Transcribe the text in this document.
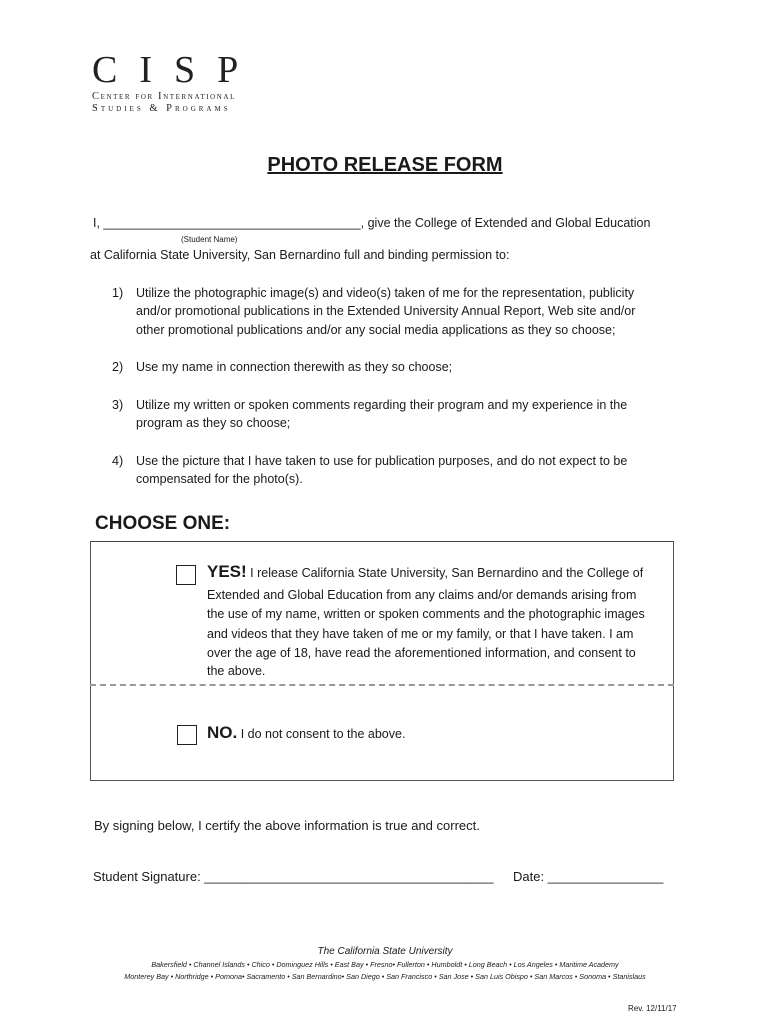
CISP
Center for International
Studies & Programs
PHOTO RELEASE FORM
I, _____________________________________, give the College of Extended and Global Education
(Student Name)
at California State University, San Bernardino full and binding permission to:
1) Utilize the photographic image(s) and video(s) taken of me for the representation, publicity
and/or promotional publications in the Extended University Annual Report, Web site and/or
other promotional publications and/or any social media applications as they so choose;
2) Use my name in connection therewith as they so choose;
3) Utilize my written or spoken comments regarding their program and my experience in the
program as they so choose;
4) Use the picture that I have taken to use for publication purposes, and do not expect to be
compensated for the photo(s).
CHOOSE ONE:
YES! I release California State University, San Bernardino and the College of
Extended and Global Education from any claims and/or demands arising from
the use of my name, written or spoken comments and the photographic images
and videos that they have taken of me or my family, or that I have taken. I am
over the age of 18, have read the aforementioned information, and consent to
the above.
NO. I do not consent to the above.
By signing below, I certify the above information is true and correct.
Student Signature: ________________________________________ Date: ________________
The California State University
Bakersfield • Channel Islands • Chico • Dominguez Hills • East Bay • Fresno• Fullerton • Humboldt • Long Beach • Los Angeles • Maritime Academy
Monterey Bay • Northridge • Pomona• Sacramento • San Bernardino• San Diego • San Francisco • San Jose • San Luis Obispo • San Marcos • Sonoma • Stanislaus
Rev. 12/11/17
